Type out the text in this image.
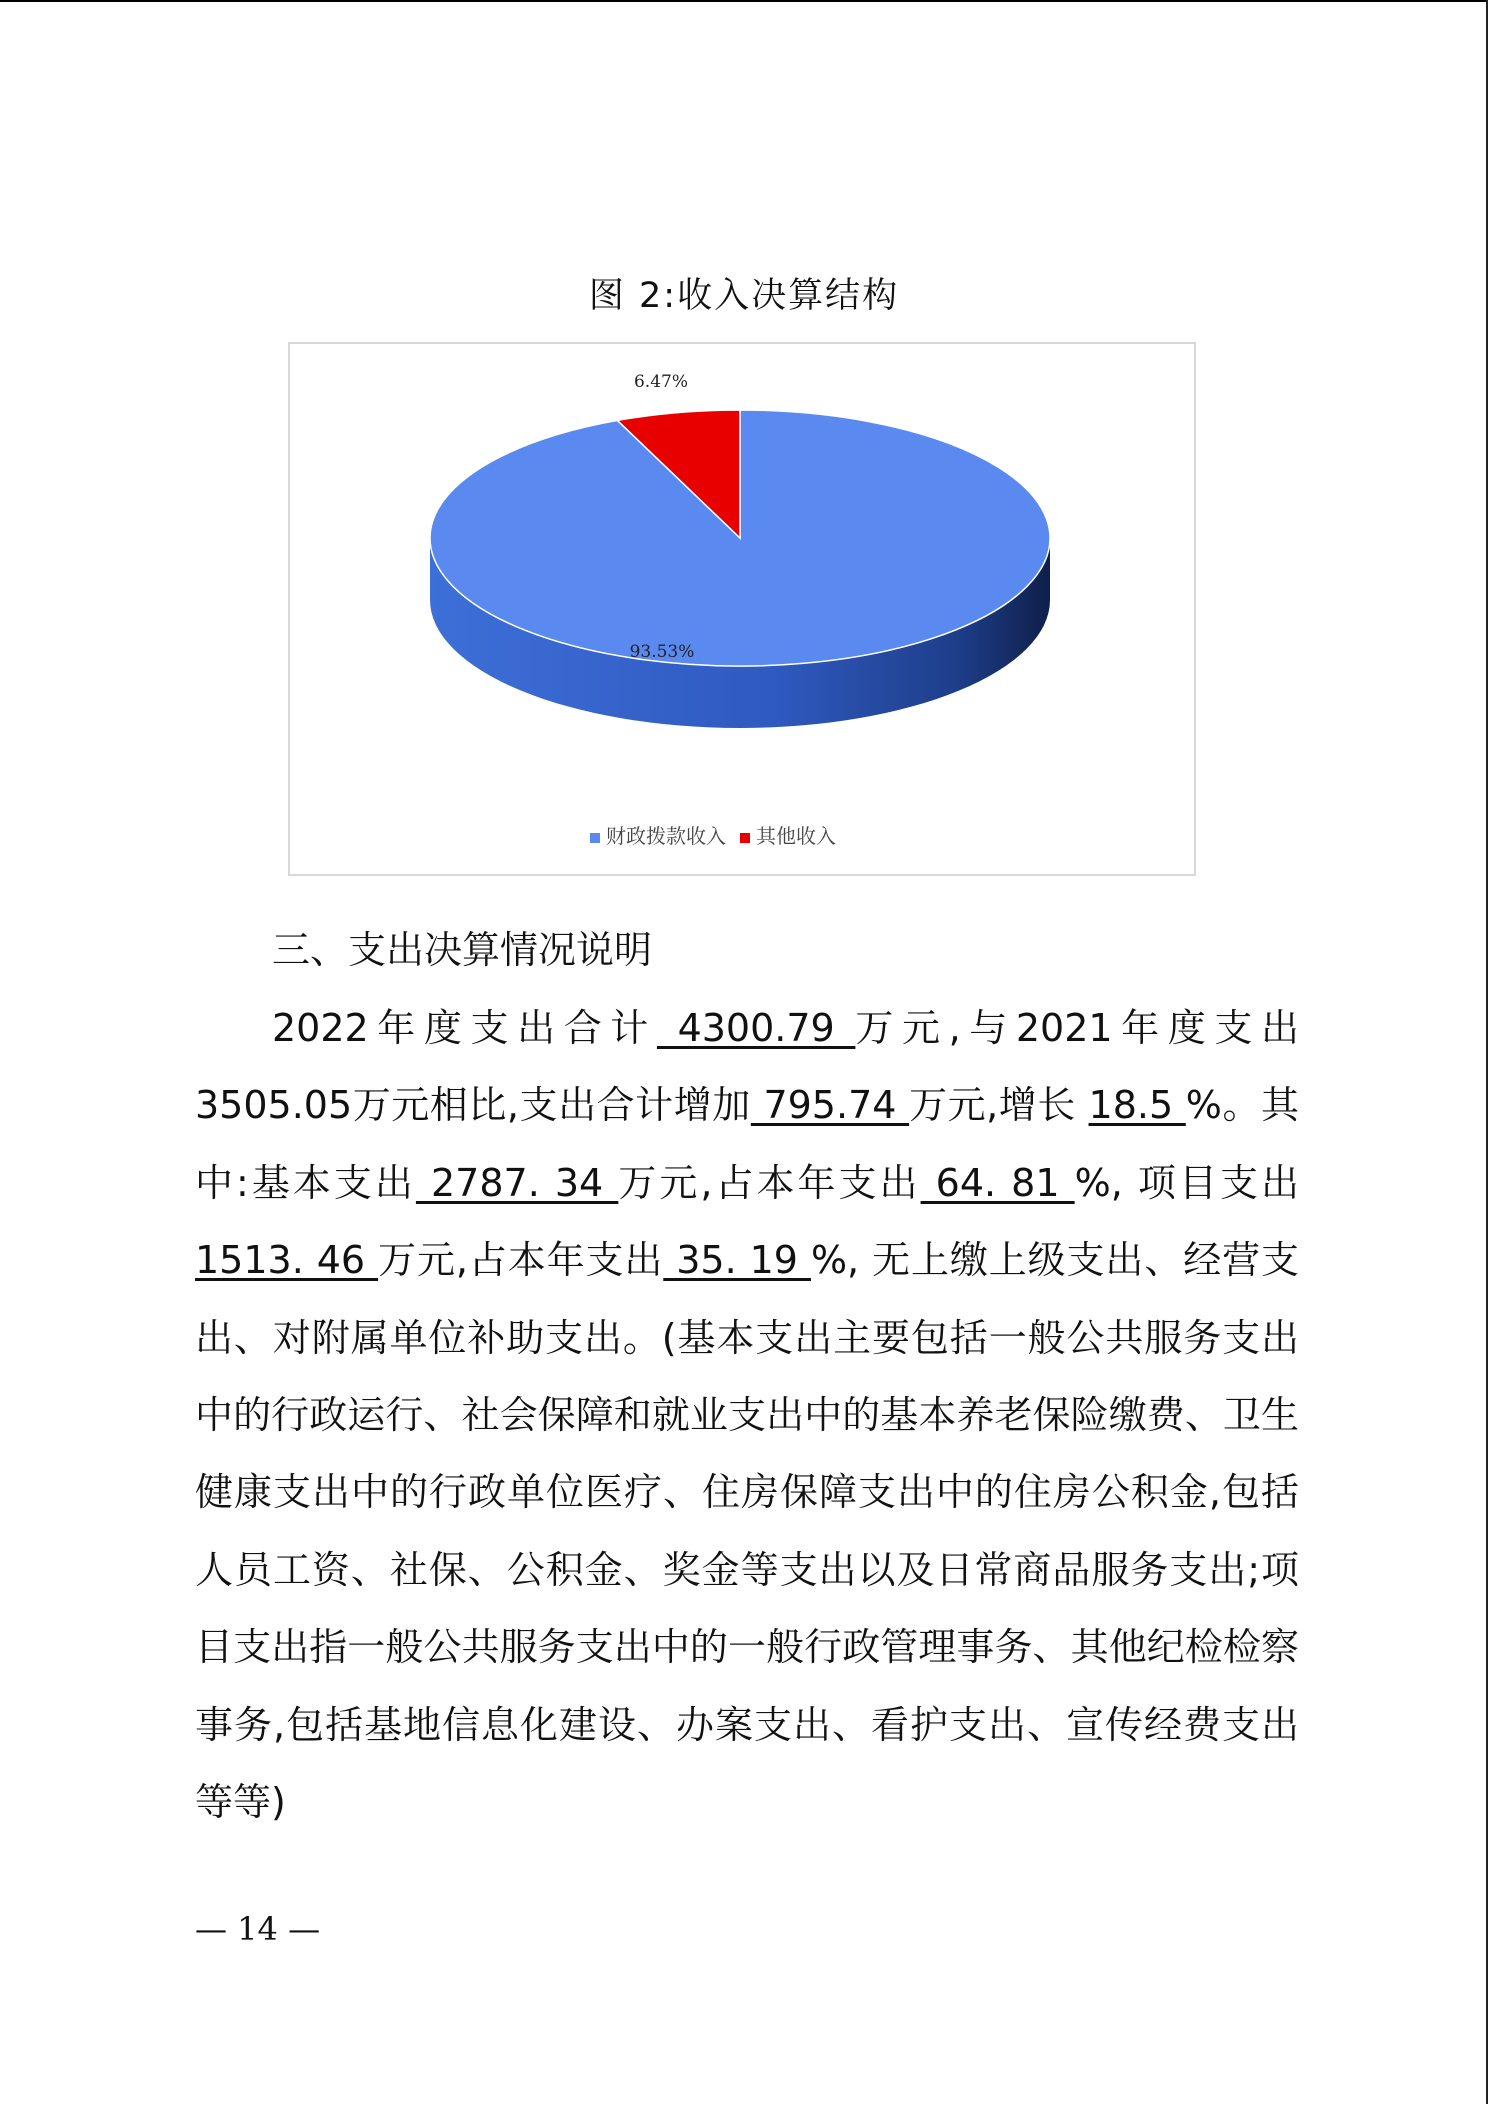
图 2:收入决算结构
93.53%
6.47%
财政拨款收入 其他收入
三、支出决算情况说明
2022年度支出合计 4300.79 万元,与2021年度支出3505.05万元相比,支出合计增加 795.74 万元,增长 18.5 %。其中:基本支出 2787. 34 万元,占本年支出 64. 81 %, 项目支出 1513. 46 万元,占本年支出 35. 19 %, 无上缴上级支出、经营支出、对附属单位补助支出。(基本支出主要包括一般公共服务支出中的行政运行、社会保障和就业支出中的基本养老保险缴费、卫生健康支出中的行政单位医疗、住房保障支出中的住房公积金,包括人员工资、社保、公积金、奖金等支出以及日常商品服务支出;项目支出指一般公共服务支出中的一般行政管理事务、其他纪检检察事务,包括基地信息化建设、办案支出、看护支出、宣传经费支出等等)
— 14 —
